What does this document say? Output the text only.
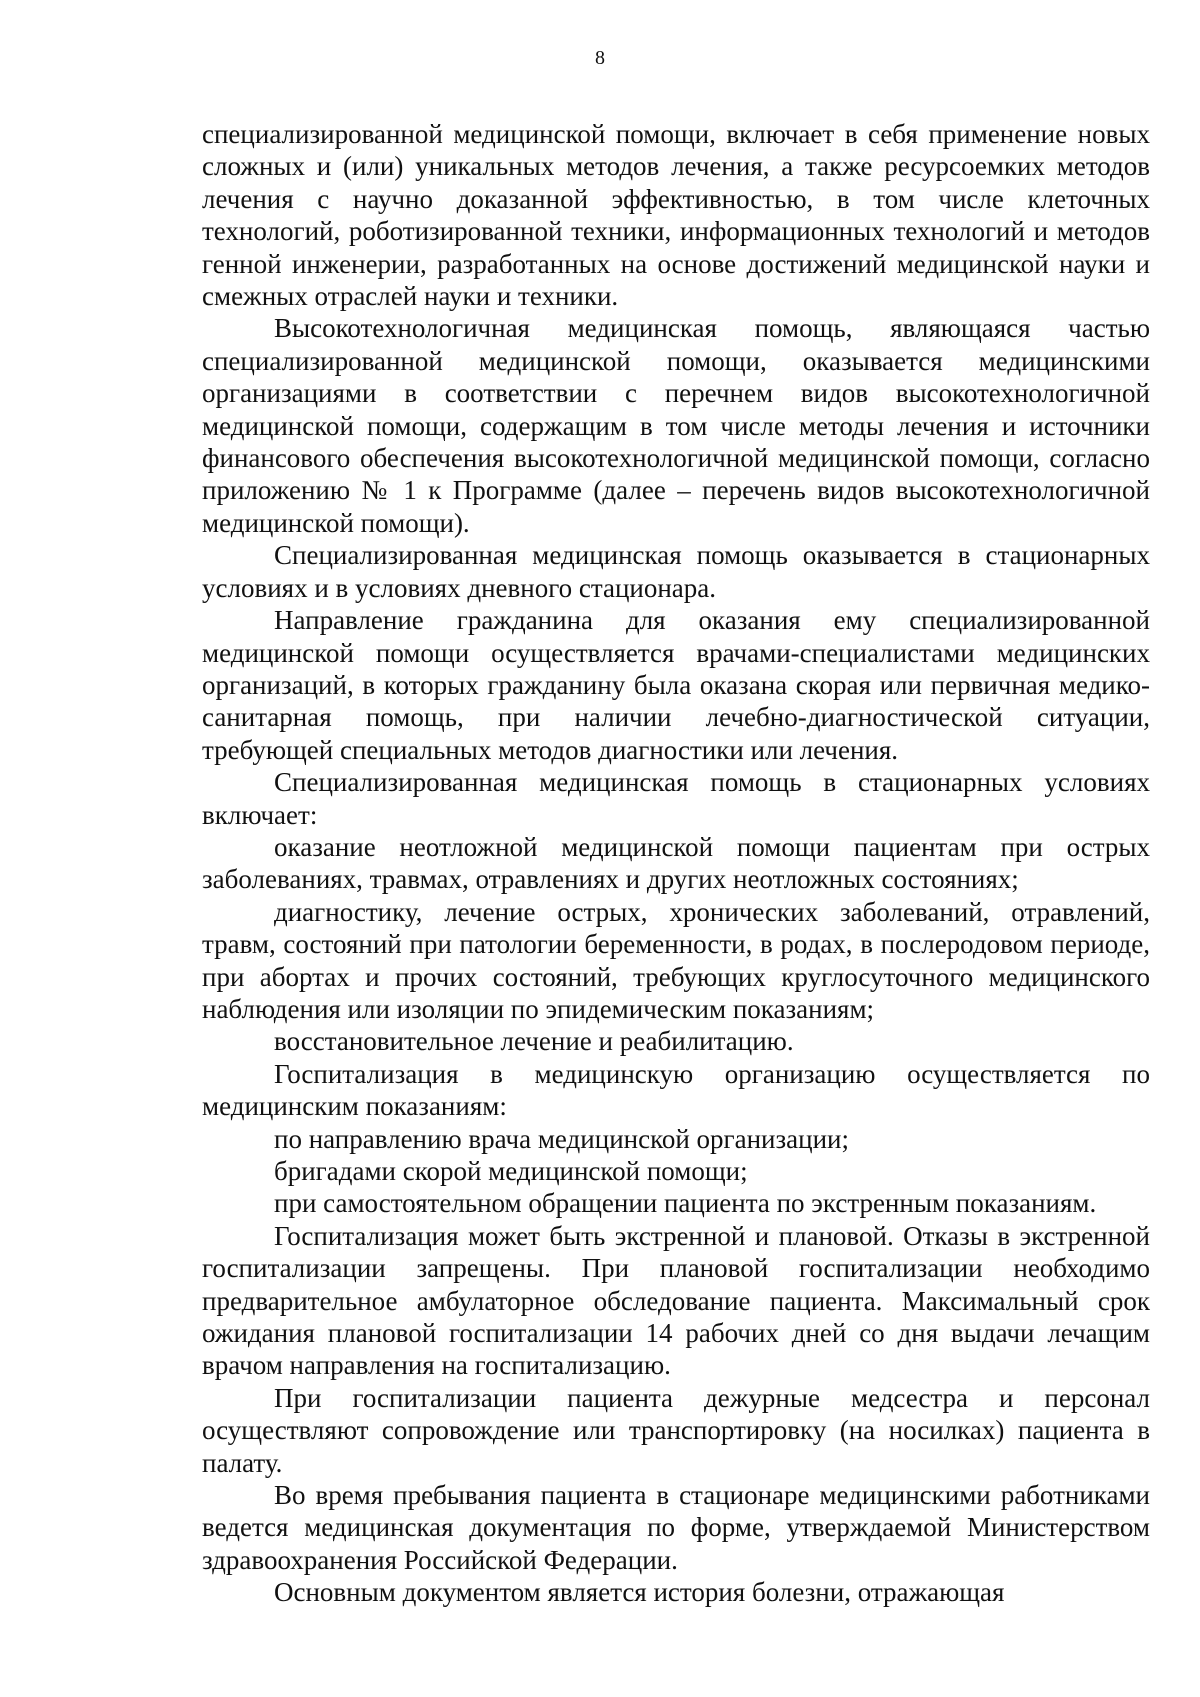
8

специализированной медицинской помощи, включает в себя применение новых сложных и (или) уникальных методов лечения, а также ресурсоемких методов лечения с научно доказанной эффективностью, в том числе клеточных технологий, роботизированной техники, информационных технологий и методов генной инженерии, разработанных на основе достижений медицинской науки и смежных отраслей науки и техники.

Высокотехнологичная медицинская помощь, являющаяся частью специализированной медицинской помощи, оказывается медицинскими организациями в соответствии с перечнем видов высокотехнологичной медицинской помощи, содержащим в том числе методы лечения и источники финансового обеспечения высокотехнологичной медицинской помощи, согласно приложению № 1 к Программе (далее – перечень видов высокотехнологичной медицинской помощи).

Специализированная медицинская помощь оказывается в стационарных условиях и в условиях дневного стационара.

Направление гражданина для оказания ему специализированной медицинской помощи осуществляется врачами-специалистами медицинских организаций, в которых гражданину была оказана скорая или первичная медико-санитарная помощь, при наличии лечебно-диагностической ситуации, требующей специальных методов диагностики или лечения.

Специализированная медицинская помощь в стационарных условиях включает:

оказание неотложной медицинской помощи пациентам при острых заболеваниях, травмах, отравлениях и других неотложных состояниях;

диагностику, лечение острых, хронических заболеваний, отравлений, травм, состояний при патологии беременности, в родах, в послеродовом периоде, при абортах и прочих состояний, требующих круглосуточного медицинского наблюдения или изоляции по эпидемическим показаниям;

восстановительное лечение и реабилитацию.

Госпитализация в медицинскую организацию осуществляется по медицинским показаниям:

по направлению врача медицинской организации;

бригадами скорой медицинской помощи;

при самостоятельном обращении пациента по экстренным показаниям.

Госпитализация может быть экстренной и плановой. Отказы в экстренной госпитализации запрещены. При плановой госпитализации необходимо предварительное амбулаторное обследование пациента. Максимальный срок ожидания плановой госпитализации 14 рабочих дней со дня выдачи лечащим врачом направления на госпитализацию.

При госпитализации пациента дежурные медсестра и персонал осуществляют сопровождение или транспортировку (на носилках) пациента в палату.

Во время пребывания пациента в стационаре медицинскими работниками ведется медицинская документация по форме, утверждаемой Министерством здравоохранения Российской Федерации.

Основным документом является история болезни, отражающая
